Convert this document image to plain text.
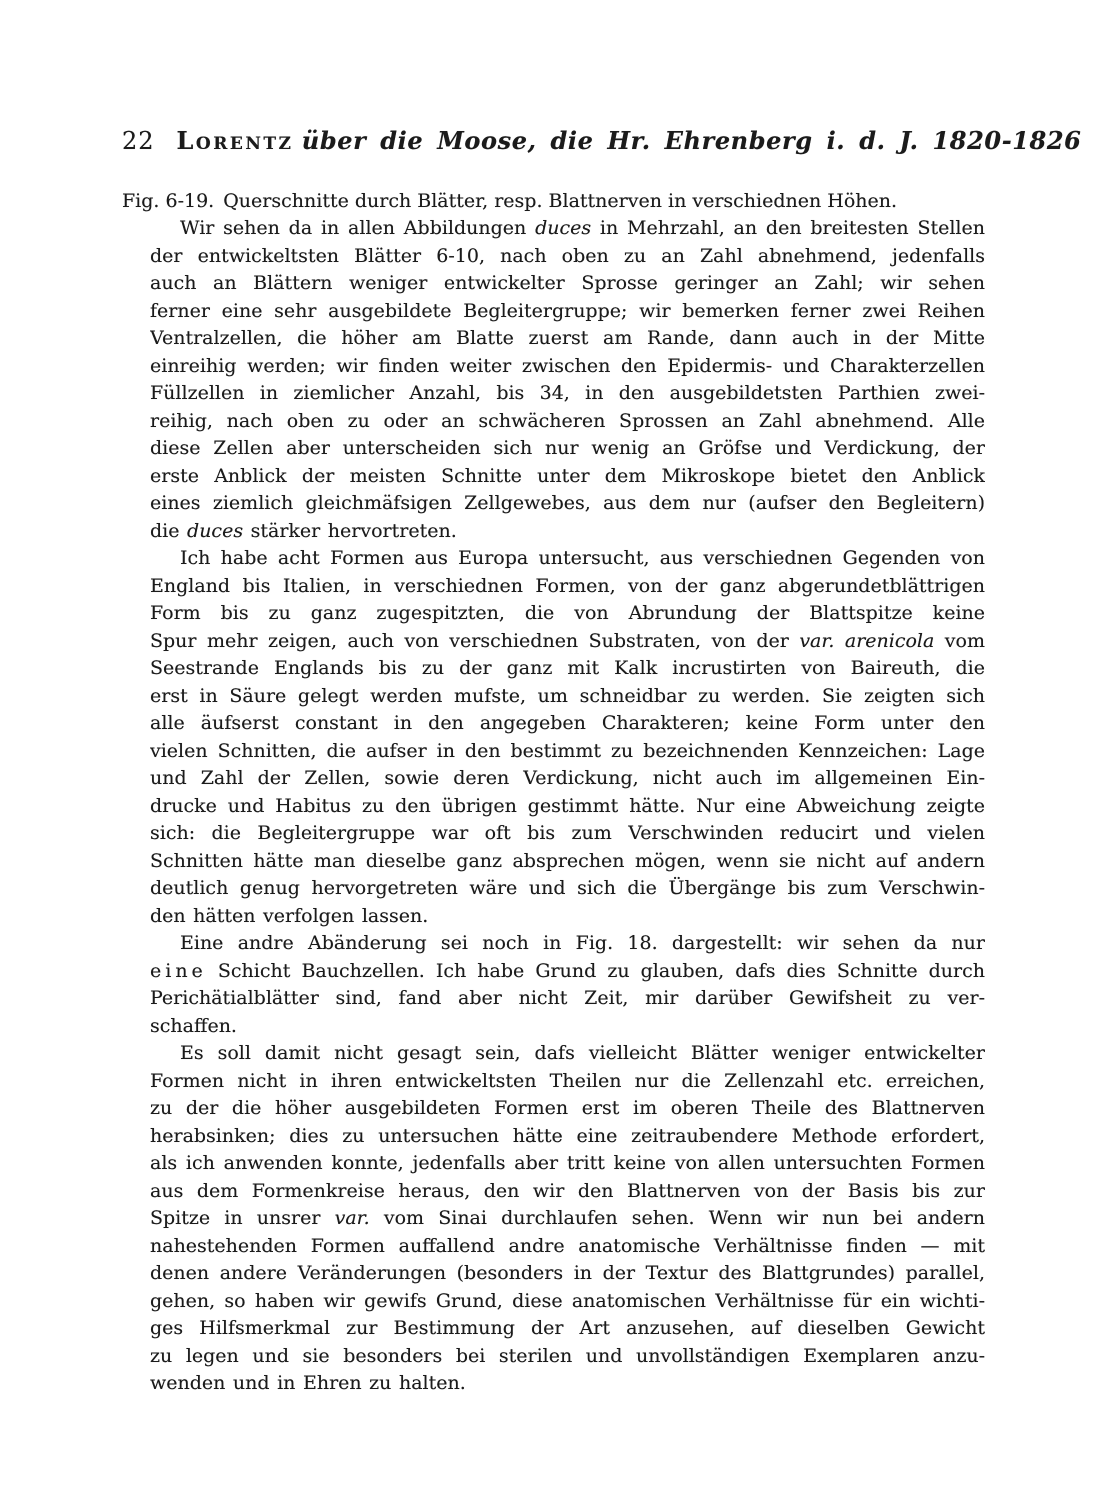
22 Lorentz über die Moose, die Hr. Ehrenberg i. d. J. 1820-1826
Fig. 6-19. Querschnitte durch Blätter, resp. Blattnerven in verschiednen Höhen.
Wir sehen da in allen Abbildungen duces in Mehrzahl, an den breitesten Stellen
der entwickeltsten Blätter 6-10, nach oben zu an Zahl abnehmend, jedenfalls
auch an Blättern weniger entwickelter Sprosse geringer an Zahl; wir sehen
ferner eine sehr ausgebildete Begleitergruppe; wir bemerken ferner zwei Reihen
Ventralzellen, die höher am Blatte zuerst am Rande, dann auch in der Mitte
einreihig werden; wir finden weiter zwischen den Epidermis- und Charakterzellen
Füllzellen in ziemlicher Anzahl, bis 34, in den ausgebildetsten Parthien zwei-
reihig, nach oben zu oder an schwächeren Sprossen an Zahl abnehmend. Alle
diese Zellen aber unterscheiden sich nur wenig an Gröfse und Verdickung, der
erste Anblick der meisten Schnitte unter dem Mikroskope bietet den Anblick
eines ziemlich gleichmäfsigen Zellgewebes, aus dem nur (aufser den Begleitern)
die duces stärker hervortreten.
Ich habe acht Formen aus Europa untersucht, aus verschiednen Gegenden von
England bis Italien, in verschiednen Formen, von der ganz abgerundetblättrigen
Form bis zu ganz zugespitzten, die von Abrundung der Blattspitze keine
Spur mehr zeigen, auch von verschiednen Substraten, von der var. arenicola vom
Seestrande Englands bis zu der ganz mit Kalk incrustirten von Baireuth, die
erst in Säure gelegt werden mufste, um schneidbar zu werden. Sie zeigten sich
alle äufserst constant in den angegeben Charakteren; keine Form unter den
vielen Schnitten, die aufser in den bestimmt zu bezeichnenden Kennzeichen: Lage
und Zahl der Zellen, sowie deren Verdickung, nicht auch im allgemeinen Ein-
drucke und Habitus zu den übrigen gestimmt hätte. Nur eine Abweichung zeigte
sich: die Begleitergruppe war oft bis zum Verschwinden reducirt und vielen
Schnitten hätte man dieselbe ganz absprechen mögen, wenn sie nicht auf andern
deutlich genug hervorgetreten wäre und sich die Übergänge bis zum Verschwin-
den hätten verfolgen lassen.
Eine andre Abänderung sei noch in Fig. 18. dargestellt: wir sehen da nur
eine Schicht Bauchzellen. Ich habe Grund zu glauben, dafs dies Schnitte durch
Perichätialblätter sind, fand aber nicht Zeit, mir darüber Gewifsheit zu ver-
schaffen.
Es soll damit nicht gesagt sein, dafs vielleicht Blätter weniger entwickelter
Formen nicht in ihren entwickeltsten Theilen nur die Zellenzahl etc. erreichen,
zu der die höher ausgebildeten Formen erst im oberen Theile des Blattnerven
herabsinken; dies zu untersuchen hätte eine zeitraubendere Methode erfordert,
als ich anwenden konnte, jedenfalls aber tritt keine von allen untersuchten Formen
aus dem Formenkreise heraus, den wir den Blattnerven von der Basis bis zur
Spitze in unsrer var. vom Sinai durchlaufen sehen. Wenn wir nun bei andern
nahestehenden Formen auffallend andre anatomische Verhältnisse finden — mit
denen andere Veränderungen (besonders in der Textur des Blattgrundes) parallel,
gehen, so haben wir gewifs Grund, diese anatomischen Verhältnisse für ein wichti-
ges Hilfsmerkmal zur Bestimmung der Art anzusehen, auf dieselben Gewicht
zu legen und sie besonders bei sterilen und unvollständigen Exemplaren anzu-
wenden und in Ehren zu halten.
